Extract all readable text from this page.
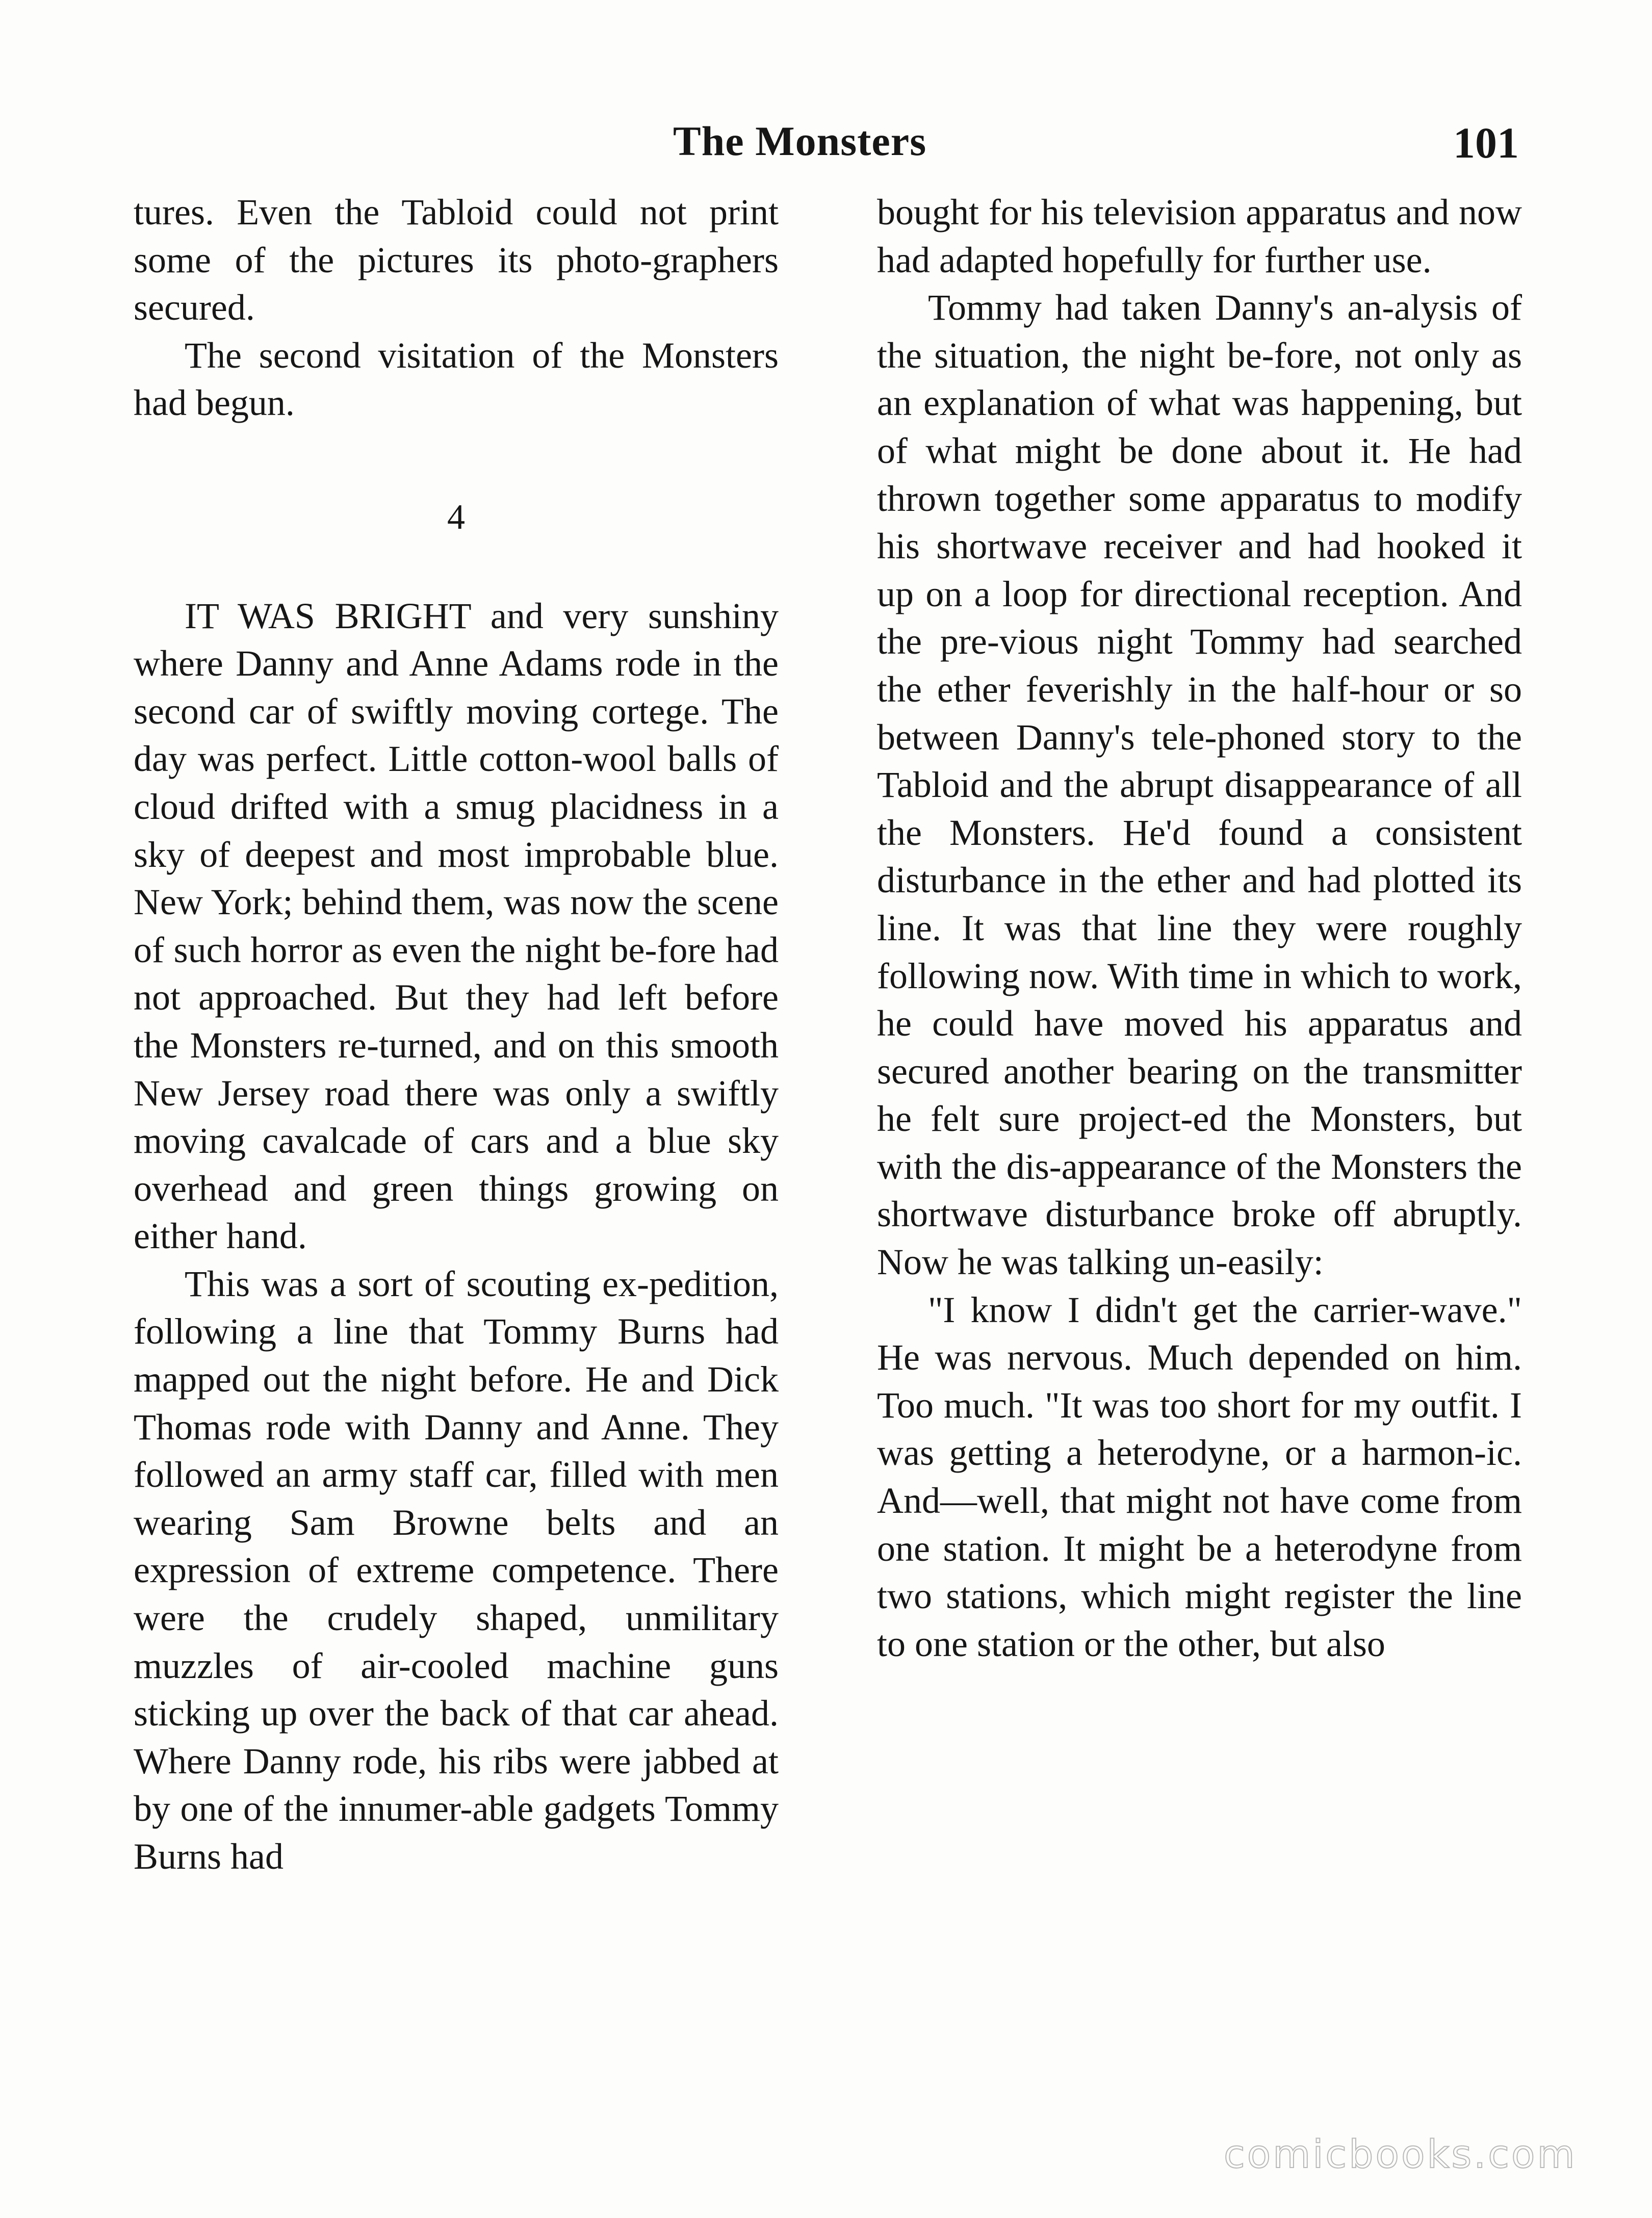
The Monsters	101

tures. Even the Tabloid could not print some of the pictures its photo-graphers secured.

The second visitation of the Monsters had begun.

4

IT WAS BRIGHT and very sunshiny where Danny and Anne Adams rode in the second car of swiftly moving cortege. The day was perfect. Little cotton-wool balls of cloud drifted with a smug placidness in a sky of deepest and most improbable blue. New York; behind them, was now the scene of such horror as even the night be-fore had not approached. But they had left before the Monsters re-turned, and on this smooth New Jersey road there was only a swiftly moving cavalcade of cars and a blue sky overhead and green things growing on either hand.

This was a sort of scouting ex-pedition, following a line that Tommy Burns had mapped out the night before. He and Dick Thomas rode with Danny and Anne. They followed an army staff car, filled with men wearing Sam Browne belts and an expression of extreme competence. There were the crudely shaped, unmilitary muzzles of air-cooled machine guns sticking up over the back of that car ahead. Where Danny rode, his ribs were jabbed at by one of the innumer-able gadgets Tommy Burns had

bought for his television apparatus and now had adapted hopefully for further use.

Tommy had taken Danny's an-alysis of the situation, the night be-fore, not only as an explanation of what was happening, but of what might be done about it. He had thrown together some apparatus to modify his shortwave receiver and had hooked it up on a loop for directional reception. And the pre-vious night Tommy had searched the ether feverishly in the half-hour or so between Danny's tele-phoned story to the Tabloid and the abrupt disappearance of all the Monsters. He'd found a consistent disturbance in the ether and had plotted its line. It was that line they were roughly following now. With time in which to work, he could have moved his apparatus and secured another bearing on the transmitter he felt sure project-ed the Monsters, but with the dis-appearance of the Monsters the shortwave disturbance broke off abruptly. Now he was talking un-easily:

"I know I didn't get the carrier-wave." He was nervous. Much depended on him. Too much. "It was too short for my outfit. I was getting a heterodyne, or a harmon-ic. And—well, that might not have come from one station. It might be a heterodyne from two stations, which might register the line to one station or the other, but also

comicbooks.com
